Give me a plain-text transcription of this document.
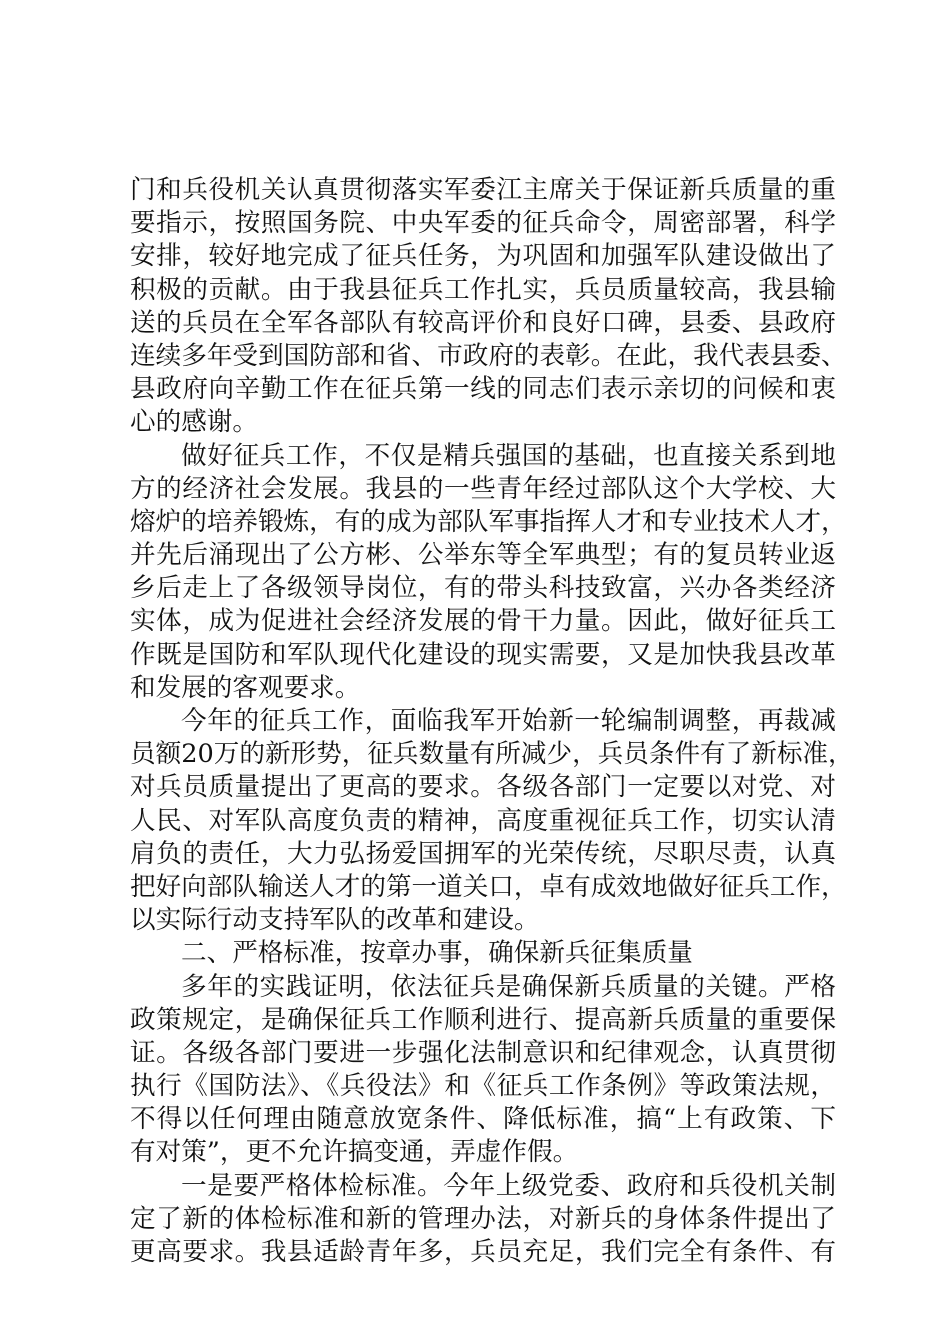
门和兵役机关认真贯彻落实军委江主席关于保证新兵质量的重
要指示，按照国务院、中央军委的征兵命令，周密部署，科学
安排，较好地完成了征兵任务，为巩固和加强军队建设做出了
积极的贡献。由于我县征兵工作扎实，兵员质量较高，我县输
送的兵员在全军各部队有较高评价和良好口碑，县委、县政府
连续多年受到国防部和省、市政府的表彰。在此，我代表县委、
县政府向辛勤工作在征兵第一线的同志们表示亲切的问候和衷
心的感谢。
做好征兵工作，不仅是精兵强国的基础，也直接关系到地
方的经济社会发展。我县的一些青年经过部队这个大学校、大
熔炉的培养锻炼，有的成为部队军事指挥人才和专业技术人才，
并先后涌现出了公方彬、公举东等全军典型；有的复员转业返
乡后走上了各级领导岗位，有的带头科技致富，兴办各类经济
实体，成为促进社会经济发展的骨干力量。因此，做好征兵工
作既是国防和军队现代化建设的现实需要，又是加快我县改革
和发展的客观要求。
今年的征兵工作，面临我军开始新一轮编制调整，再裁减
员额20万的新形势，征兵数量有所减少，兵员条件有了新标准，
对兵员质量提出了更高的要求。各级各部门一定要以对党、对
人民、对军队高度负责的精神，高度重视征兵工作，切实认清
肩负的责任，大力弘扬爱国拥军的光荣传统，尽职尽责，认真
把好向部队输送人才的第一道关口，卓有成效地做好征兵工作，
以实际行动支持军队的改革和建设。
二、严格标准，按章办事，确保新兵征集质量
多年的实践证明，依法征兵是确保新兵质量的关键。严格
政策规定，是确保征兵工作顺利进行、提高新兵质量的重要保
证。各级各部门要进一步强化法制意识和纪律观念，认真贯彻
执行《国防法》、《兵役法》和《征兵工作条例》等政策法规，
不得以任何理由随意放宽条件、降低标准，搞“上有政策、下
有对策”，更不允许搞变通，弄虚作假。
一是要严格体检标准。今年上级党委、政府和兵役机关制
定了新的体检标准和新的管理办法，对新兵的身体条件提出了
更高要求。我县适龄青年多，兵员充足，我们完全有条件、有
